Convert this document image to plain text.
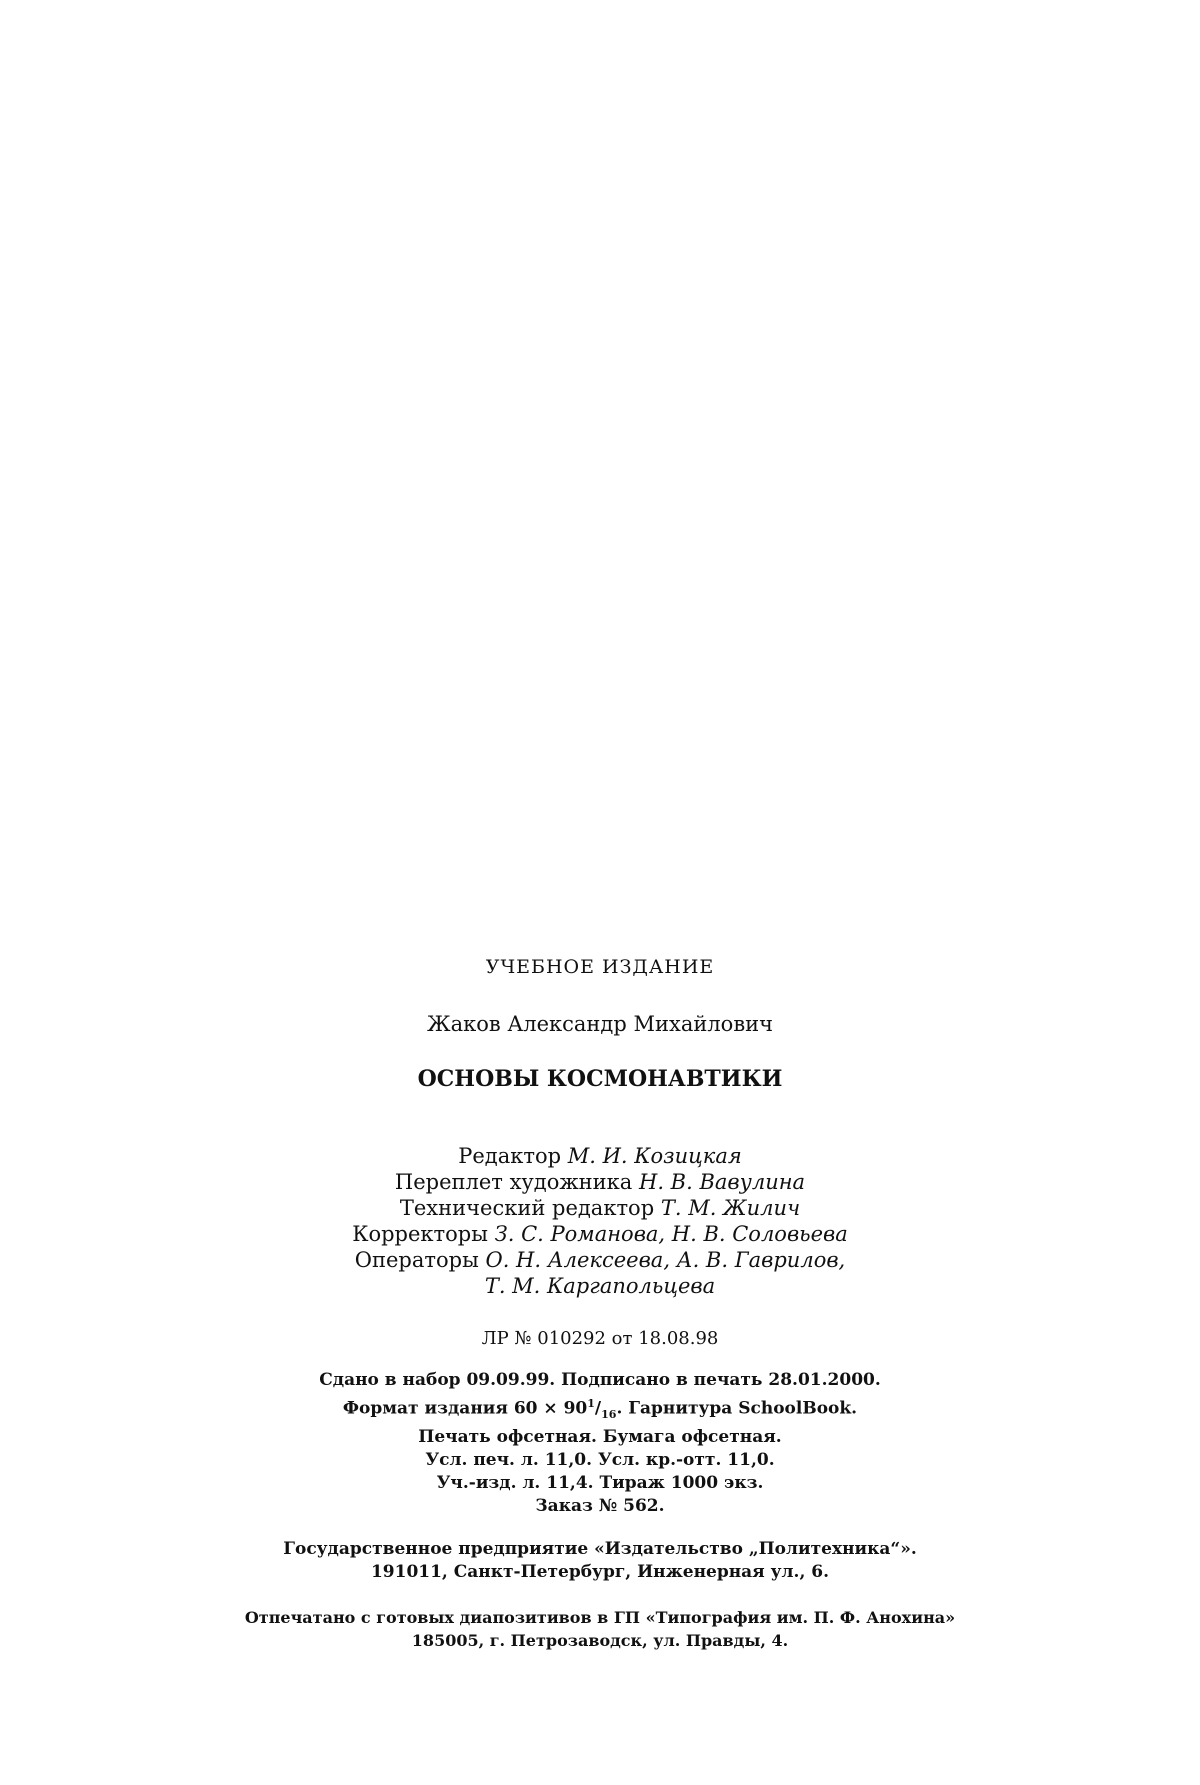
УЧЕБНОЕ ИЗДАНИЕ
Жаков Александр Михайлович
ОСНОВЫ КОСМОНАВТИКИ
Редактор М. И. Козицкая
Переплет художника Н. В. Вавулина
Технический редактор Т. М. Жилич
Корректоры З. С. Романова, Н. В. Соловьева
Операторы О. Н. Алексеева, А. В. Гаврилов,
Т. М. Каргапольцева
ЛР № 010292 от 18.08.98
Сдано в набор 09.09.99. Подписано в печать 28.01.2000.
Формат издания $60 \times 90^1/_{16}$. Гарнитура SchoolBook.
Печать офсетная. Бумага офсетная.
Усл. печ. л. 11,0. Усл. кр.-отт. 11,0.
Уч.-изд. л. 11,4. Тираж 1000 экз.
Заказ № 562.
Государственное предприятие «Издательство „Политехника“».
191011, Санкт-Петербург, Инженерная ул., 6.
Отпечатано с готовых диапозитивов в ГП «Типография им. П. Ф. Анохина»
185005, г. Петрозаводск, ул. Правды, 4.
